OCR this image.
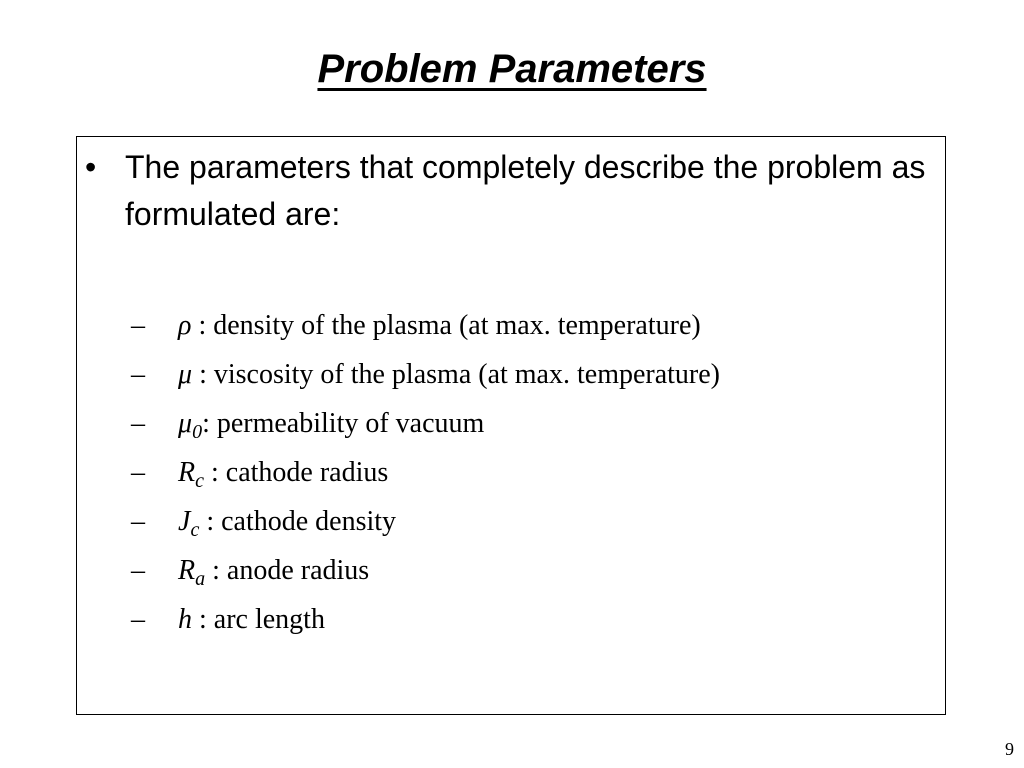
Problem Parameters
• The parameters that completely describe the problem as formulated are:
– ρ : density of the plasma (at max. temperature)
– μ : viscosity of the plasma (at max. temperature)
– $\mu_0$: permeability of vacuum
– $R_c$ : cathode radius
– $J_c$ : cathode density
– $R_a$ : anode radius
– h : arc length
9
